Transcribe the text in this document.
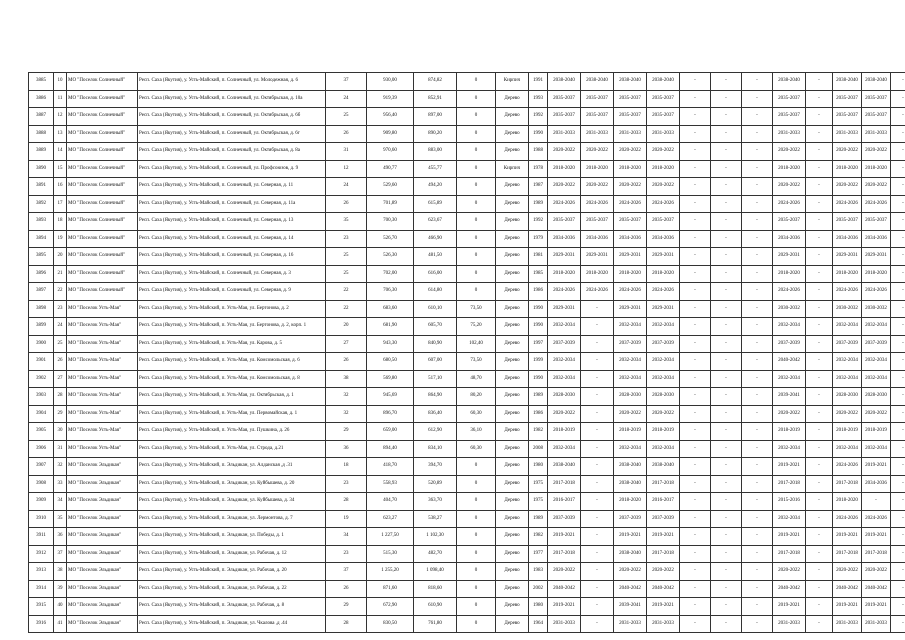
3885	10	МО "Поселок Солнечный"	Респ. Саха (Якутия), у. Усть-Майский, п. Солнечный, ул. Молодежная, д. 6	37	930,00	874,82	0	Кирпич	1991	2038-2040	2038-2040	2038-2040	2038-2040	-	-	-	2038-2040	-	2038-2040	2038-2040	-
3886	11	МО "Поселок Солнечный"	Респ. Саха (Якутия), у. Усть-Майский, п. Солнечный, ул. Октябрьская, д. 10а	24	919,39	852,91	0	Дерево	1993	2035-2037	2035-2037	2035-2037	2035-2037	-	-	-	2035-2037	-	2035-2037	2035-2037	-
3887	12	МО "Поселок Солнечный"	Респ. Саха (Якутия), у. Усть-Майский, п. Солнечный, ул. Октябрьская, д. 6б	25	956,40	897,00	0	Дерево	1992	2035-2037	2035-2037	2035-2037	2035-2037	-	-	-	2035-2037	-	2035-2037	2035-2037	-
3888	13	МО "Поселок Солнечный"	Респ. Саха (Якутия), у. Усть-Майский, п. Солнечный, ул. Октябрьская, д. 6г	26	909,80	890,20	0	Дерево	1990	2031-2033	2031-2033	2031-2033	2031-2033	-	-	-	2031-2033	-	2031-2033	2031-2033	-
3889	14	МО "Поселок Солнечный"	Респ. Саха (Якутия), у. Усть-Майский, п. Солнечный, ул. Октябрьская, д. 8а	31	970,60	883,00	0	Дерево	1988	2020-2022	2020-2022	2020-2022	2020-2022	-	-	-	2020-2022	-	2020-2022	2020-2022	-
3890	15	МО "Поселок Солнечный"	Респ. Саха (Якутия), у. Усть-Майский, п. Солнечный, ул. Профсоюзов, д. 9	12	490,77	455,77	0	Кирпич	1978	2018-2020	2018-2020	2018-2020	2018-2020	-	-	-	2018-2020	-	2018-2020	2018-2020	-
3891	16	МО "Поселок Солнечный"	Респ. Саха (Якутия), у. Усть-Майский, п. Солнечный, ул. Северная, д. 11	24	529,60	494,20	0	Дерево	1987	2020-2022	2020-2022	2020-2022	2020-2022	-	-	-	2020-2022	-	2020-2022	2020-2022	-
3892	17	МО "Поселок Солнечный"	Респ. Саха (Якутия), у. Усть-Майский, п. Солнечный, ул. Северная, д. 11а	26	701,89	615,89	0	Дерево	1989	2024-2026	2024-2026	2024-2026	2024-2026	-	-	-	2024-2026	-	2024-2026	2024-2026	-
3893	18	МО "Поселок Солнечный"	Респ. Саха (Якутия), у. Усть-Майский, п. Солнечный, ул. Северная, д. 13	35	700,30	623,67	0	Дерево	1992	2035-2037	2035-2037	2035-2037	2035-2037	-	-	-	2035-2037	-	2035-2037	2035-2037	-
3894	19	МО "Поселок Солнечный"	Респ. Саха (Якутия), у. Усть-Майский, п. Солнечный, ул. Северная, д. 14	23	526,70	466,90	0	Дерево	1979	2034-2036	2034-2036	2034-2036	2034-2036	-	-	-	2034-2036	-	2034-2036	2034-2036	-
3895	20	МО "Поселок Солнечный"	Респ. Саха (Якутия), у. Усть-Майский, п. Солнечный, ул. Северная, д. 16	25	526,30	481,50	0	Дерево	1981	2029-2031	2029-2031	2029-2031	2029-2031	-	-	-	2029-2031	-	2029-2031	2029-2031	-
3896	21	МО "Поселок Солнечный"	Респ. Саха (Якутия), у. Усть-Майский, п. Солнечный, ул. Северная, д. 3	25	702,00	616,00	0	Дерево	1985	2018-2020	2018-2020	2018-2020	2018-2020	-	-	-	2018-2020	-	2018-2020	2018-2020	-
3897	22	МО "Поселок Солнечный"	Респ. Саха (Якутия), у. Усть-Майский, п. Солнечный, ул. Северная, д. 9	22	706,30	614,80	0	Дерево	1986	2024-2026	2024-2026	2024-2026	2024-2026	-	-	-	2024-2026	-	2024-2026	2024-2026	-
3898	23	МО "Поселок Усть-Мая"	Респ. Саха (Якутия), у. Усть-Майский, п. Усть-Мая, ул. Бертонова, д. 2	22	683,60	610,10	73,50	Дерево	1990	2029-2031	-	2029-2031	2029-2031	-	-	-	2030-2032	-	2030-2032	2030-2032	-
3899	24	МО "Поселок Усть-Мая"	Респ. Саха (Якутия), у. Усть-Майский, п. Усть-Мая, ул. Бертонова, д. 2, корп. 1	20	681,90	605,70	75,20	Дерево	1990	2032-2034	-	2032-2034	2032-2034	-	-	-	2032-2034	-	2032-2034	2032-2034	-
3900	25	МО "Поселок Усть-Мая"	Респ. Саха (Якутия), у. Усть-Майский, п. Усть-Мая, ул. Карова, д. 5	27	943,30	840,90	102,40	Дерево	1997	2037-2039	-	2037-2039	2037-2039	-	-	-	2037-2039	-	2037-2039	2037-2039	-
3901	26	МО "Поселок Усть-Мая"	Респ. Саха (Якутия), у. Усть-Майский, п. Усть-Мая, ул. Комсомольская, д. 6	26	680,50	607,00	73,50	Дерево	1999	2032-2034	-	2032-2034	2032-2034	-	-	-	2040-2042	-	2032-2034	2032-2034	-
3902	27	МО "Поселок Усть-Мая"	Респ. Саха (Якутия), у. Усть-Майский, п. Усть-Мая, ул. Комсомольская, д. 8	38	569,80	517,10	48,70	Дерево	1990	2032-2034	-	2032-2034	2032-2034	-	-	-	2032-2034	-	2032-2034	2032-2034	-
3903	28	МО "Поселок Усть-Мая"	Респ. Саха (Якутия), у. Усть-Майский, п. Усть-Мая, ул. Октябрьская, д. 1	32	945,69	864,90	80,20	Дерево	1989	2028-2030	-	2028-2030	2028-2030	-	-	-	2039-2041	-	2028-2030	2028-2030	-
3904	29	МО "Поселок Усть-Мая"	Респ. Саха (Якутия), у. Усть-Майский, п. Усть-Мая, ул. Первомайская, д. 1	32	896,70	836,40	60,30	Дерево	1986	2020-2022	-	2020-2022	2020-2022	-	-	-	2020-2022	-	2020-2022	2020-2022	-
3905	30	МО "Поселок Усть-Мая"	Респ. Саха (Якутия), у. Усть-Майский, п. Усть-Мая, ул. Пушкина, д. 26	29	659,00	612,90	36,10	Дерево	1982	2018-2019	-	2018-2019	2018-2019	-	-	-	2018-2019	-	2018-2019	2018-2019	-
3906	31	МО "Поселок Усть-Мая"	Респ. Саха (Якутия), у. Усть-Майский, п. Усть-Мая, ул. Строда, д.21	36	894,40	834,10	60,30	Дерево	2008	2032-2034	-	2032-2034	2032-2034	-	-	-	2032-2034	-	2032-2034	2032-2034	-
3907	32	МО "Поселок Эльдикан"	Респ. Саха (Якутия), у. Усть-Майский, п. Эльдикан, ул. Алданская ,д .31	18	418,70	394,70	0	Дерево	1980	2038-2040	-	2038-2040	2038-2040	-	-	-	2019-2021	-	2024-2026	2019-2021	-
3908	33	МО "Поселок Эльдикан"	Респ. Саха (Якутия), у. Усть-Майский, п. Эльдикан, ул. Куйбышева, д. 20	23	558,93	520,89	0	Дерево	1975	2017-2018	-	2038-2040	2017-2018	-	-	-	2017-2018	-	2017-2018	2034-2036	-
3909	34	МО "Поселок Эльдикан"	Респ. Саха (Якутия), у. Усть-Майский, п. Эльдикан, ул. Куйбышева, д. 34	28	404,70	363,70	0	Дерево	1975	2016-2017	-	2018-2020	2016-2017	-	-	-	2015-2016	-	2018-2020	-	-
3910	35	МО "Поселок Эльдикан"	Респ. Саха (Якутия), у. Усть-Майский, п. Эльдикан, ул. Лермонтова, д. 7	19	623,27	538,27	0	Дерево	1989	2037-2039	-	2037-2039	2037-2039	-	-	-	2032-2034	-	2024-2026	2024-2026	-
3911	36	МО "Поселок Эльдикан"	Респ. Саха (Якутия), у. Усть-Майский, п. Эльдикан, ул. Победы, д. 1	34	1 227,50	1 102,30	0	Дерево	1982	2019-2021	-	2019-2021	2019-2021	-	-	-	2019-2021	-	2019-2021	2019-2021	-
3912	37	МО "Поселок Эльдикан"	Респ. Саха (Якутия), у. Усть-Майский, п. Эльдикан, ул. Рабочая, д. 12	23	515,30	482,70	0	Дерево	1977	2017-2018	-	2038-2040	2017-2018	-	-	-	2017-2018	-	2017-2018	2017-2018	-
3913	38	МО "Поселок Эльдикан"	Респ. Саха (Якутия), у. Усть-Майский, п. Эльдикан, ул. Рабочая, д. 20	37	1 255,20	1 098,40	0	Дерево	1983	2020-2022	-	2020-2022	2020-2022	-	-	-	2020-2022	-	2020-2022	2020-2022	-
3914	39	МО "Поселок Эльдикан"	Респ. Саха (Якутия), у. Усть-Майский, п. Эльдикан, ул. Рабочая, д. 22	26	871,60	818,60	0	Дерево	2002	2040-2042	-	2040-2042	2040-2042	-	-	-	2040-2042	-	2040-2042	2040-2042	-
3915	40	МО "Поселок Эльдикан"	Респ. Саха (Якутия), у. Усть-Майский, п. Эльдикан, ул. Рабочая, д. 8	29	672,90	610,90	0	Дерево	1980	2019-2021	-	2039-2041	2019-2021	-	-	-	2019-2021	-	2019-2021	2019-2021	-
3916	41	МО "Поселок Эльдикан"	Респ. Саха (Якутия), у. Усть-Майский, п. Эльдикан, ул. Чкалова ,д .44	28	830,50	761,80	0	Дерево	1964	2031-2033	-	2031-2033	2031-2033	-	-	-	2031-2033	-	2031-2033	2031-2033	-
